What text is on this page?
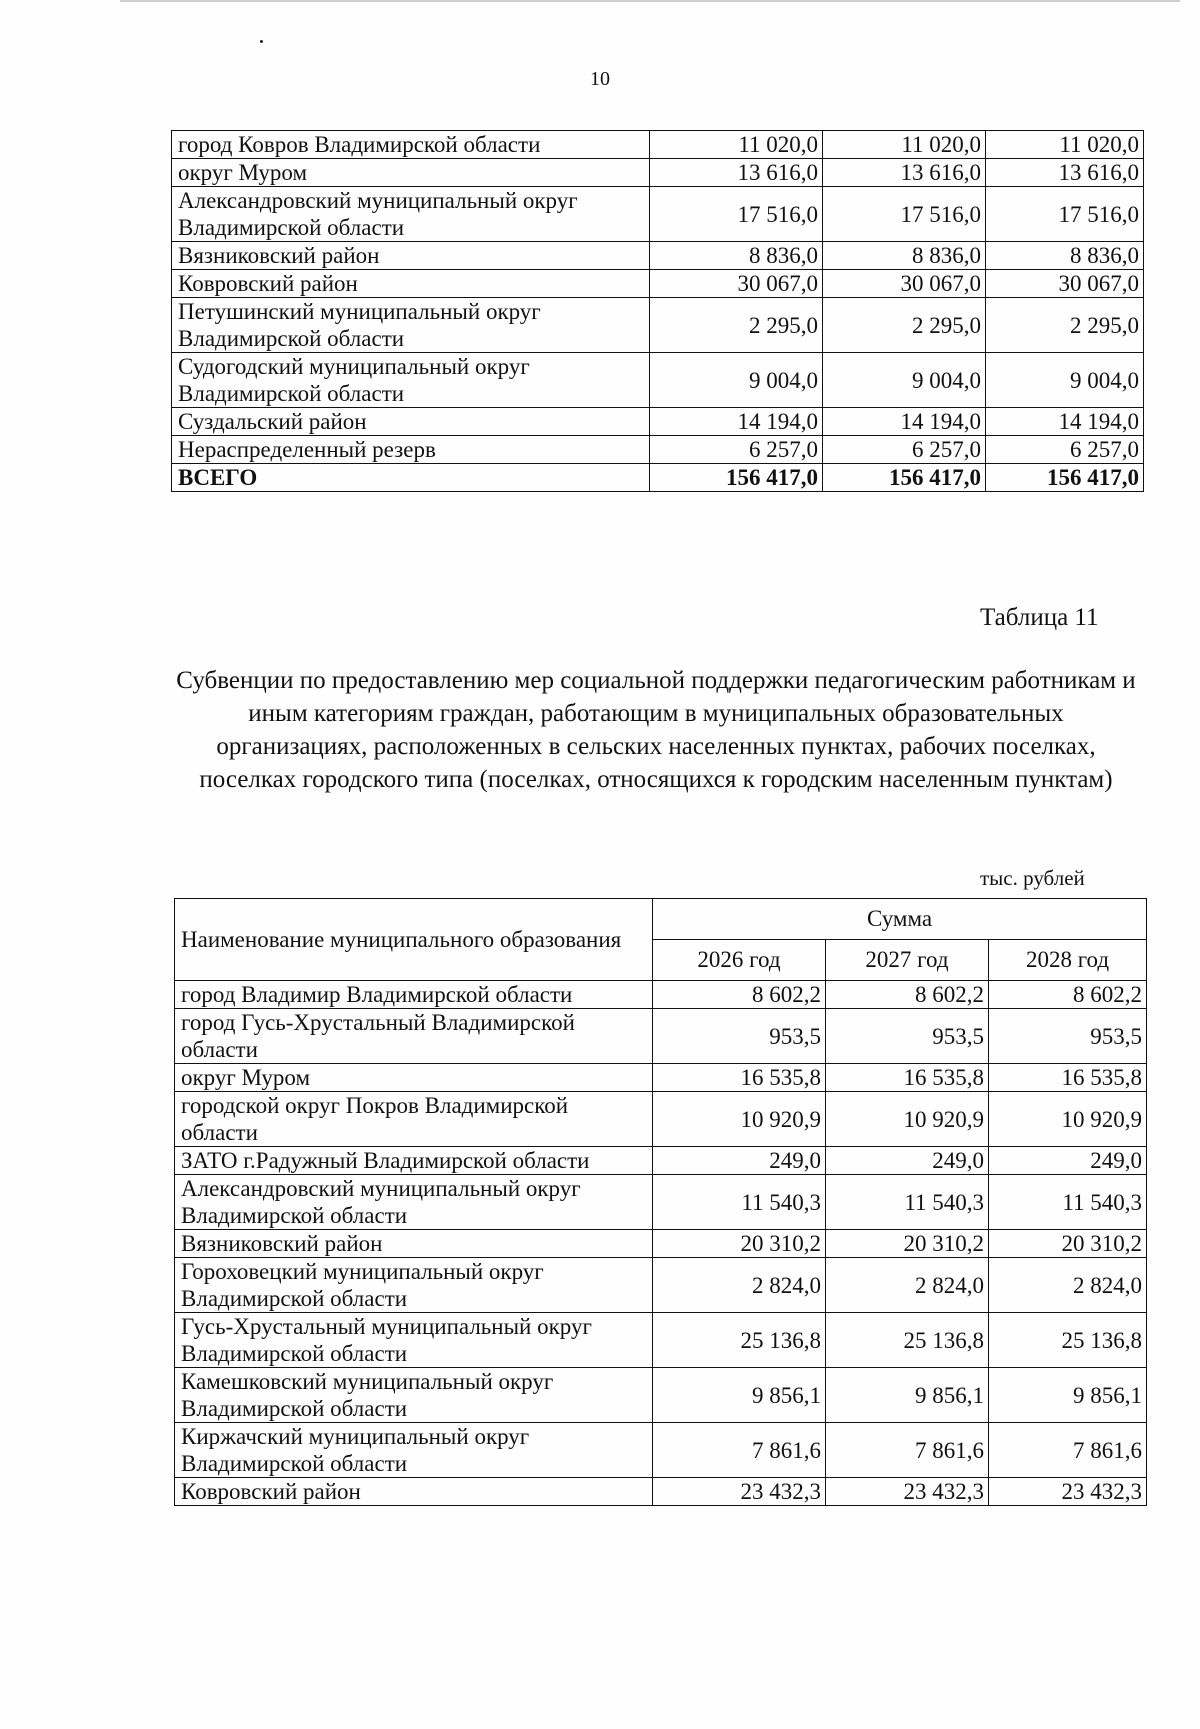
10
город Ковров Владимирской области	11 020,0	11 020,0	11 020,0
округ Муром	13 616,0	13 616,0	13 616,0
Александровский муниципальный округ Владимирской области	17 516,0	17 516,0	17 516,0
Вязниковский район	8 836,0	8 836,0	8 836,0
Ковровский район	30 067,0	30 067,0	30 067,0
Петушинский муниципальный округ Владимирской области	2 295,0	2 295,0	2 295,0
Судогодский муниципальный округ Владимирской области	9 004,0	9 004,0	9 004,0
Суздальский район	14 194,0	14 194,0	14 194,0
Нераспределенный резерв	6 257,0	6 257,0	6 257,0
ВСЕГО	156 417,0	156 417,0	156 417,0
Таблица 11
Субвенции по предоставлению мер социальной поддержки педагогическим работникам и иным категориям граждан, работающим в муниципальных образовательных организациях, расположенных в сельских населенных пунктах, рабочих поселках, поселках городского типа (поселках, относящихся к городским населенным пунктам)
тыс. рублей
Наименование муниципального образования	Сумма		
	2026 год	2027 год	2028 год
город Владимир Владимирской области	8 602,2	8 602,2	8 602,2
город Гусь-Хрустальный Владимирской области	953,5	953,5	953,5
округ Муром	16 535,8	16 535,8	16 535,8
городской округ Покров Владимирской области	10 920,9	10 920,9	10 920,9
ЗАТО г.Радужный Владимирской области	249,0	249,0	249,0
Александровский муниципальный округ Владимирской области	11 540,3	11 540,3	11 540,3
Вязниковский район	20 310,2	20 310,2	20 310,2
Гороховецкий муниципальный округ Владимирской области	2 824,0	2 824,0	2 824,0
Гусь-Хрустальный муниципальный округ Владимирской области	25 136,8	25 136,8	25 136,8
Камешковский муниципальный округ Владимирской области	9 856,1	9 856,1	9 856,1
Киржачский муниципальный округ Владимирской области	7 861,6	7 861,6	7 861,6
Ковровский район	23 432,3	23 432,3	23 432,3
